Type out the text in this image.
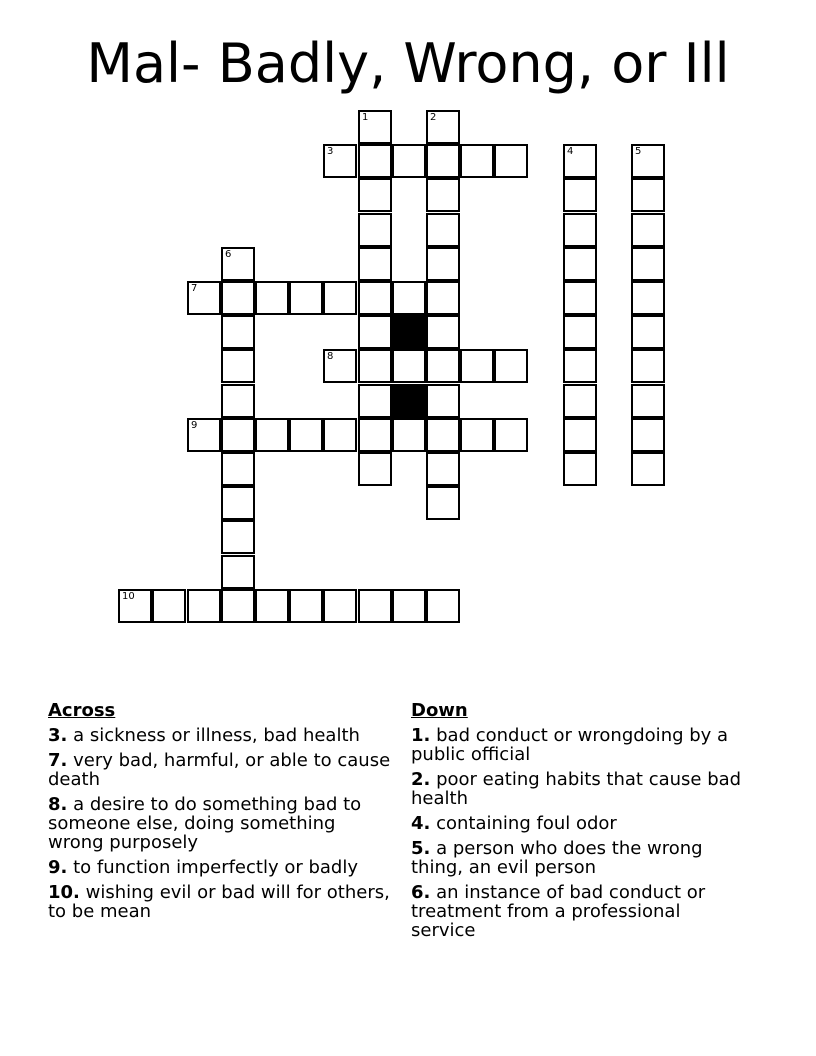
Mal- Badly, Wrong, or Ill
1	2
3	4	5
6
7
8
9
10
Across
3. a sickness or illness, bad health
7. very bad, harmful, or able to cause death
8. a desire to do something bad to someone else, doing something wrong purposely
9. to function imperfectly or badly
10. wishing evil or bad will for others, to be mean
Down
1. bad conduct or wrongdoing by a public official
2. poor eating habits that cause bad health
4. containing foul odor
5. a person who does the wrong thing, an evil person
6. an instance of bad conduct or treatment from a professional service
